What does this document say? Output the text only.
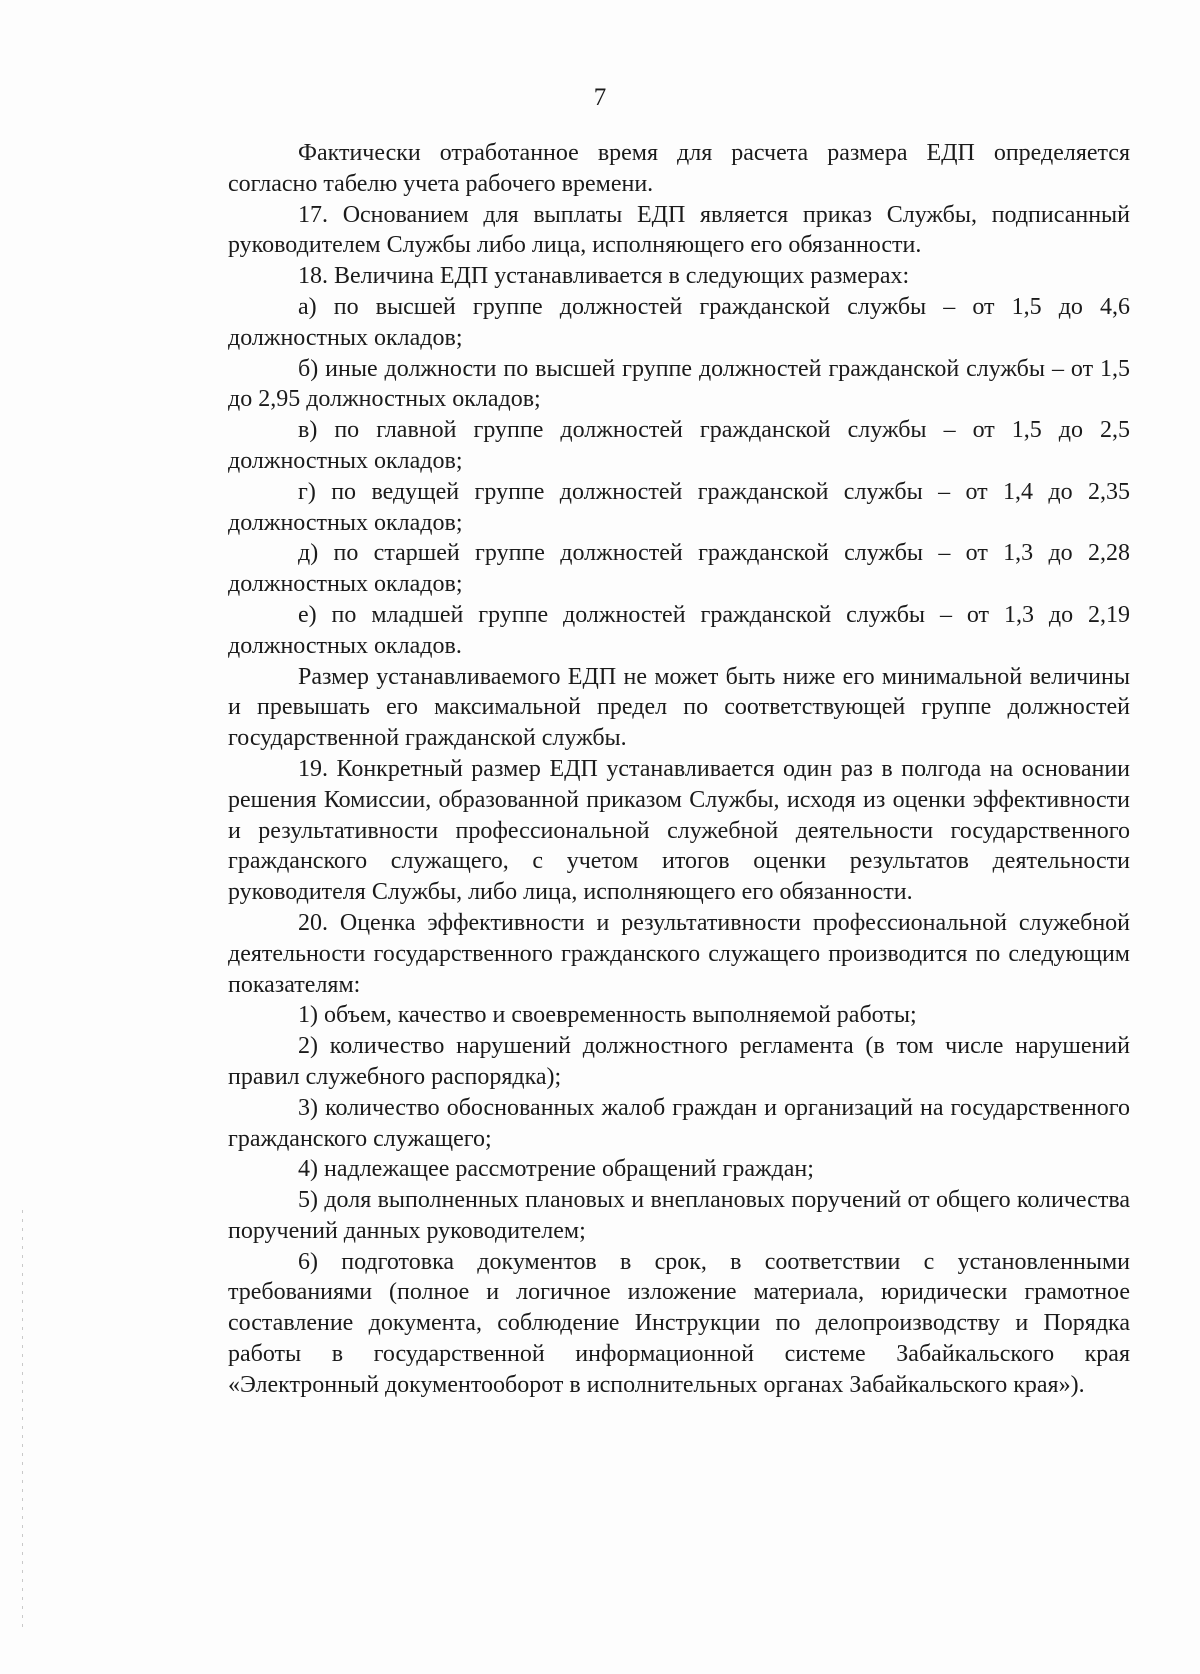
7

Фактически отработанное время для расчета размера ЕДП определяется согласно табелю учета рабочего времени.

17. Основанием для выплаты ЕДП является приказ Службы, подписанный руководителем Службы либо лица, исполняющего его обязанности.

18. Величина ЕДП устанавливается в следующих размерах:

а) по высшей группе должностей гражданской службы – от 1,5 до 4,6 должностных окладов;

б) иные должности по высшей группе должностей гражданской службы – от 1,5 до 2,95 должностных окладов;

в) по главной группе должностей гражданской службы – от 1,5 до 2,5 должностных окладов;

г) по ведущей группе должностей гражданской службы – от 1,4 до 2,35 должностных окладов;

д) по старшей группе должностей гражданской службы – от 1,3 до 2,28 должностных окладов;

е) по младшей группе должностей гражданской службы – от 1,3 до 2,19 должностных окладов.

Размер устанавливаемого ЕДП не может быть ниже его минимальной величины и превышать его максимальной предел по соответствующей группе должностей государственной гражданской службы.

19. Конкретный размер ЕДП устанавливается один раз в полгода на основании решения Комиссии, образованной приказом Службы, исходя из оценки эффективности и результативности профессиональной служебной деятельности государственного гражданского служащего, с учетом итогов оценки результатов деятельности руководителя Службы, либо лица, исполняющего его обязанности.

20. Оценка эффективности и результативности профессиональной служебной деятельности государственного гражданского служащего производится по следующим показателям:

1) объем, качество и своевременность выполняемой работы;

2) количество нарушений должностного регламента (в том числе нарушений правил служебного распорядка);

3) количество обоснованных жалоб граждан и организаций на государственного гражданского служащего;

4) надлежащее рассмотрение обращений граждан;

5) доля выполненных плановых и внеплановых поручений от общего количества поручений данных руководителем;

6) подготовка документов в срок, в соответствии с установленными требованиями (полное и логичное изложение материала, юридически грамотное составление документа, соблюдение Инструкции по делопроизводству и Порядка работы в государственной информационной системе Забайкальского края «Электронный документооборот в исполнительных органах Забайкальского края»).
